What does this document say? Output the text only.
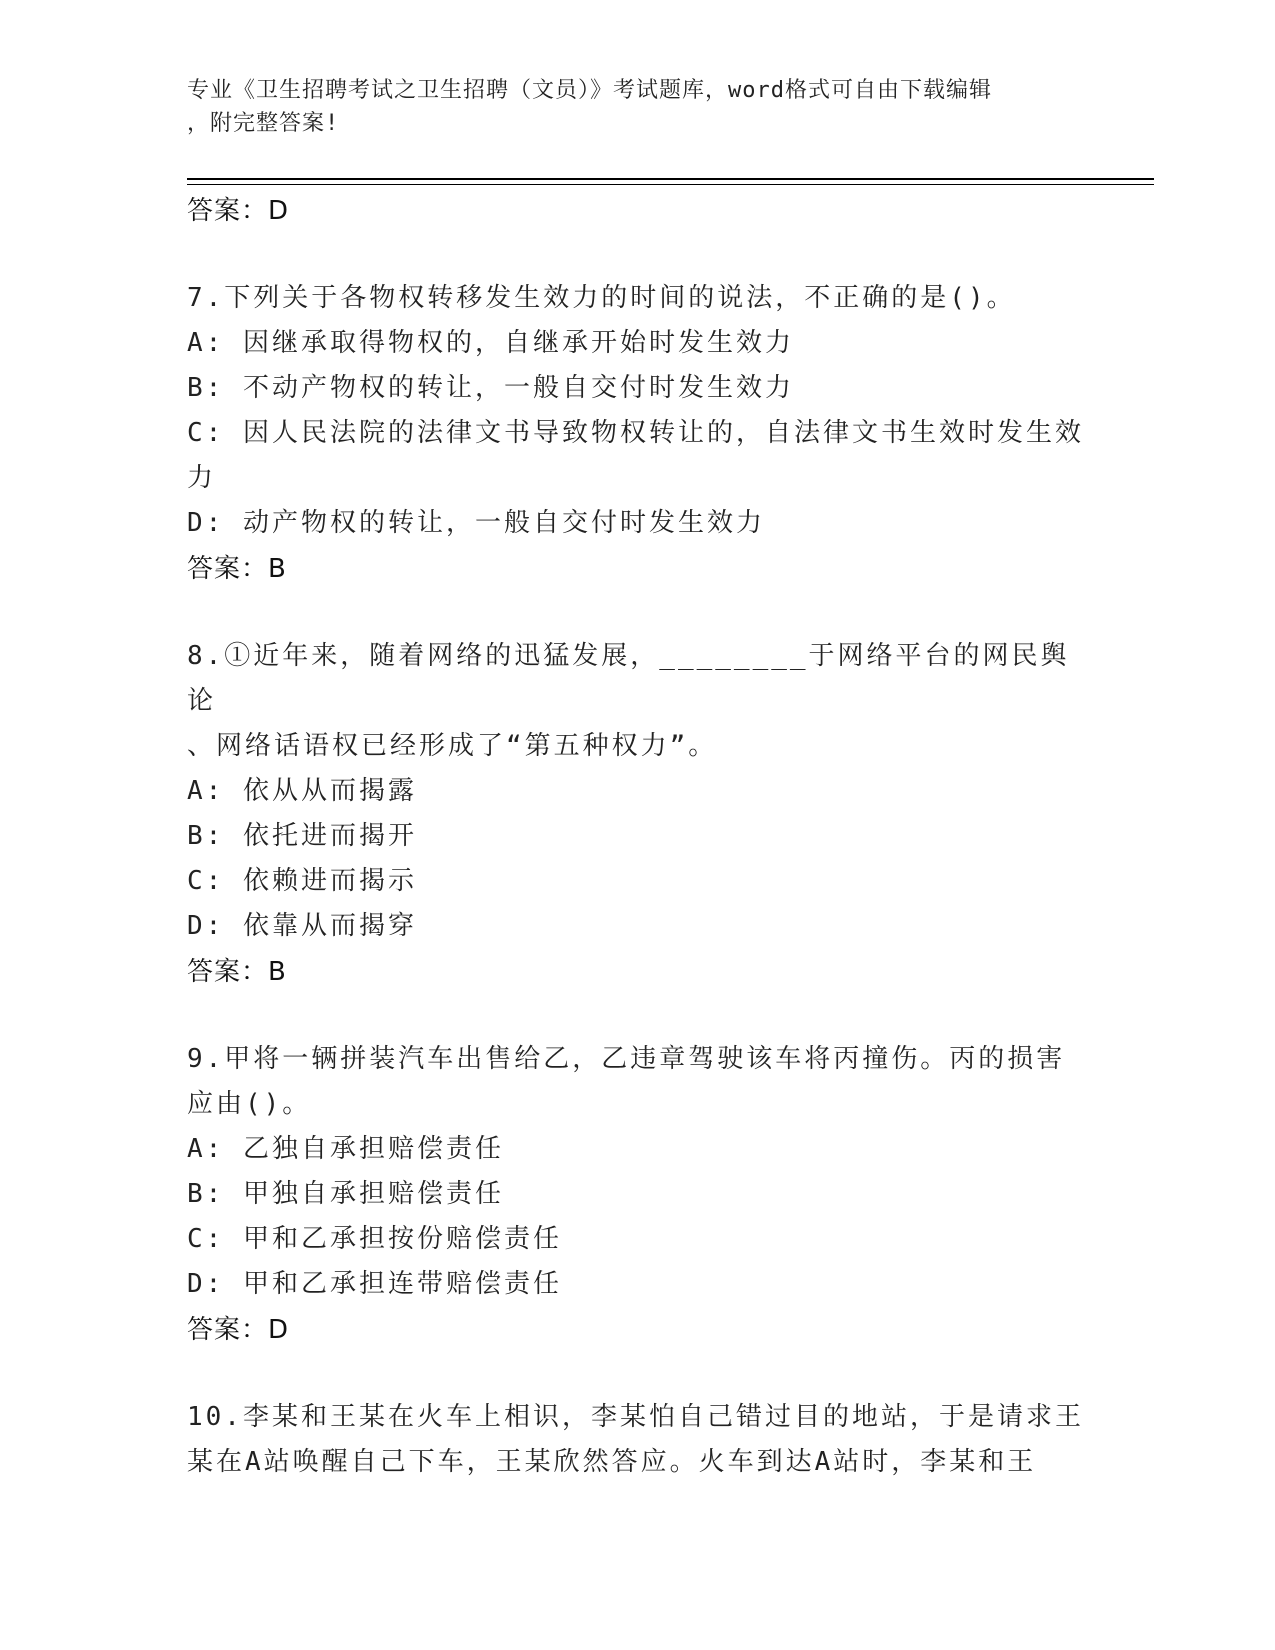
专业《卫生招聘考试之卫生招聘（文员）》考试题库，word格式可自由下载编辑
，附完整答案!
答案：D
7.下列关于各物权转移发生效力的时间的说法，不正确的是()。
A: 因继承取得物权的，自继承开始时发生效力
B: 不动产物权的转让，一般自交付时发生效力
C: 因人民法院的法律文书导致物权转让的，自法律文书生效时发生效
力
D: 动产物权的转让，一般自交付时发生效力
答案：B
8.①近年来，随着网络的迅猛发展，________于网络平台的网民舆论
、网络话语权已经形成了“第五种权力”。
A: 依从从而揭露
B: 依托进而揭开
C: 依赖进而揭示
D: 依靠从而揭穿
答案：B
9.甲将一辆拼装汽车出售给乙，乙违章驾驶该车将丙撞伤。丙的损害
应由()。
A: 乙独自承担赔偿责任
B: 甲独自承担赔偿责任
C: 甲和乙承担按份赔偿责任
D: 甲和乙承担连带赔偿责任
答案：D
10.李某和王某在火车上相识，李某怕自己错过目的地站，于是请求王
某在A站唤醒自己下车，王某欣然答应。火车到达A站时，李某和王
